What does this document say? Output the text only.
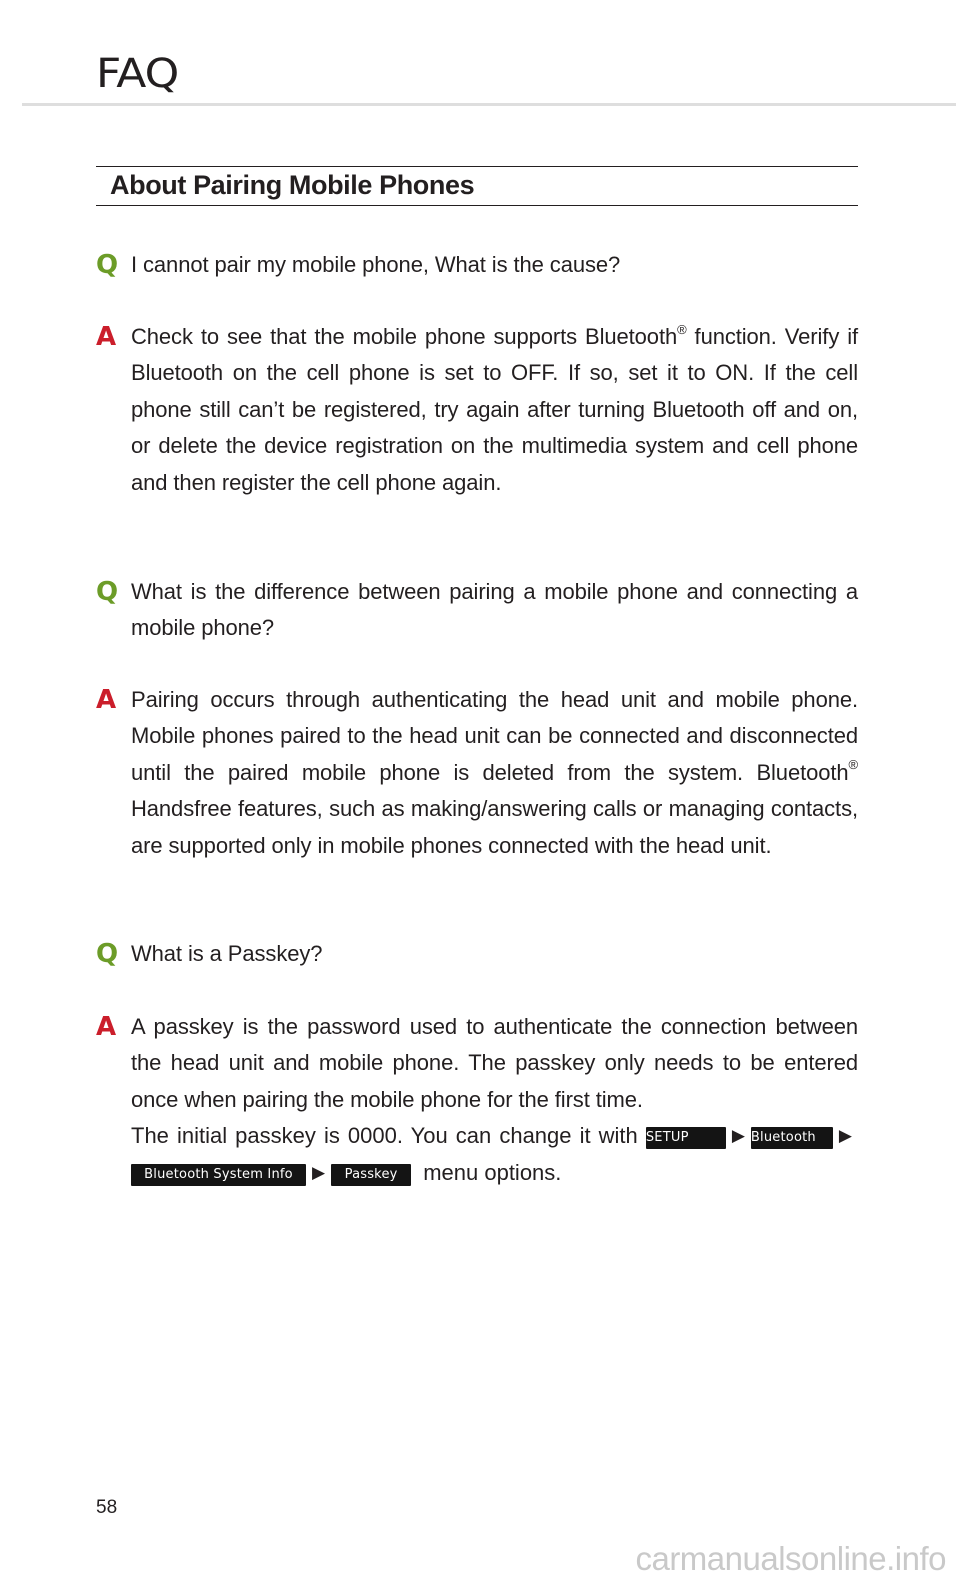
FAQ
About Pairing Mobile Phones
Q I cannot pair my mobile phone, What is the cause?
A Check to see that the mobile phone supports Bluetooth® function. Verify if Bluetooth on the cell phone is set to OFF. If so, set it to ON. If the cell phone still can’t be registered, try again after turning Bluetooth off and on, or delete the device registration on the multimedia system and cell phone and then register the cell phone again.
Q What is the difference between pairing a mobile phone and connecting a mobile phone?
A Pairing occurs through authenticating the head unit and mobile phone. Mobile phones paired to the head unit can be connected and disconnected until the paired mobile phone is deleted from the system. Bluetooth® Handsfree features, such as making/answering calls or managing contacts, are supported only in mobile phones connected with the head unit.
Q What is a Passkey?
A A passkey is the password used to authenticate the connection between the head unit and mobile phone. The passkey only needs to be entered once when pairing the mobile phone for the first time.
The initial passkey is 0000. You can change it with SETUP	▶ Bluetooth ▶
Bluetooth System Info ▶ Passkey menu options.
58
carmanualsonline.info
